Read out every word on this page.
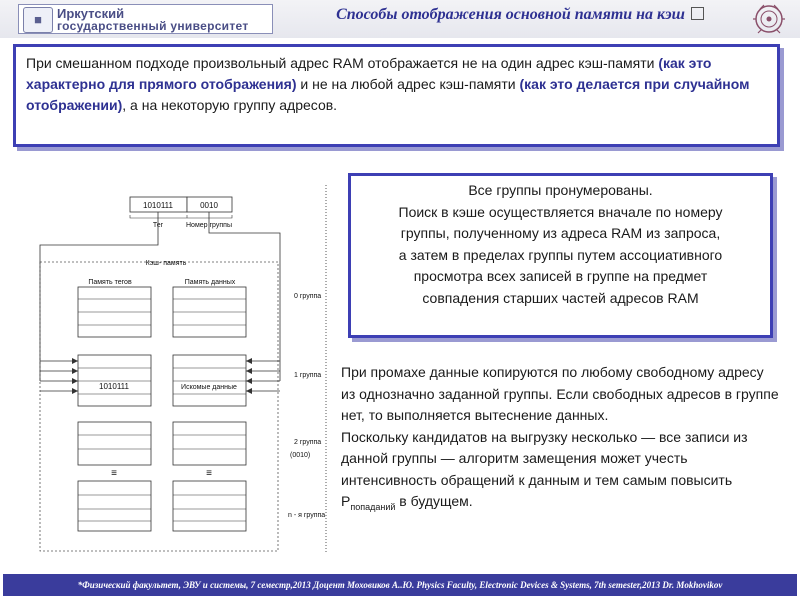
■	Иркутский
государственный университет
Способы отображения основной памяти на кэш
При смешанном подходе произвольный адрес RAM отображается не на один адрес кэш-памяти (как это характерно для прямого отображения) и не на любой адрес кэш-памяти (как это делается при случайном отображении), а на некоторую группу адресов.
1010111	0010
Тег	Номер группы
Кэш- память
Память тегов	Память данных
1010111	Искомые данные
≡	≡
0 группа
1 группа
2 группа
(0010)
n - я группа
Все группы пронумерованы.
Поиск в кэше осуществляется вначале по номеру
группы, полученному из адреса RAM из запроса,
а затем в пределах группы путем ассоциативного
просмотра всех записей в группе на предмет
совпадения старших частей адресов RAM

При промахе данные копируются по любому свободному адресу из однозначно заданной группы. Если свободных адресов в группе нет, то выполняется вытеснение данных.

Поскольку кандидатов на выгрузку несколько — все записи из данной группы — алгоритм замещения может учесть интенсивность обращений к данным и тем самым повысить $P_{попаданий}$ в будущем.

*Физический факультет, ЭВУ и системы, 7 семестр,2013 Доцент Моховиков А..Ю. Physics Faculty, Electronic Devices & Systems, 7th semester,2013 Dr. Mokhovikov
